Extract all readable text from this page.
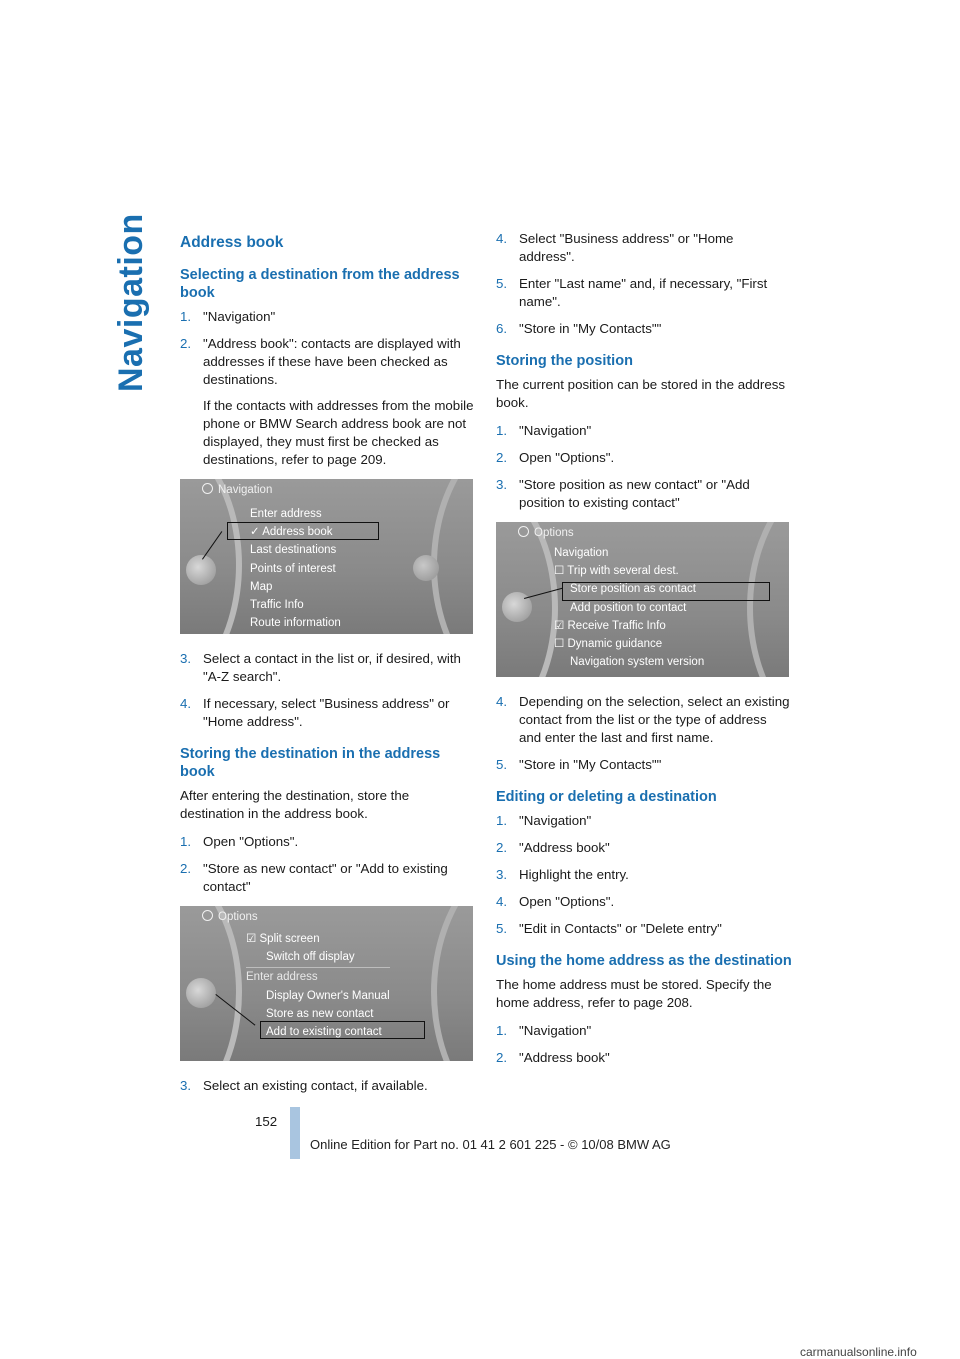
Navigation Address book
Selecting a destination from the address book
1. "Navigation"

2. "Address book": contacts are displayed with addresses if these have been checked as destinations.

If the contacts with addresses from the mobile phone or BMW Search address book are not displayed, they must first be checked as destinations, refer to page 209.

Navigation
Enter address
✓ Address book
Last destinations
Points of interest
Map
Traffic Info
Route information
3. Select a contact in the list or, if desired, with "A-Z search".

4. If necessary, select "Business address" or "Home address".

Storing the destination in the address book

After entering the destination, store the destination in the address book.

1. Open "Options".

2. "Store as new contact" or "Add to existing contact"

Options
☑ Split screen
Switch off display
Enter address
Display Owner's Manual
Store as new contact
Add to existing contact
3. Select an existing contact, if available.

4. Select "Business address" or "Home address".

5. Enter "Last name" and, if necessary, "First name".

6. "Store in "My Contacts""

Storing the position

The current position can be stored in the address book.

1. "Navigation"

2. Open "Options".

3. "Store position as new contact" or "Add position to existing contact"

Options
Navigation
☐ Trip with several dest.
Store position as contact
Add position to contact
☑ Receive Traffic Info
☐ Dynamic guidance
Navigation system version
4. Depending on the selection, select an existing contact from the list or the type of address and enter the last and first name.

5. "Store in "My Contacts""

Editing or deleting a destination
1. "Navigation"

2. "Address book"

3. Highlight the entry.

4. Open "Options".

5. "Edit in Contacts" or "Delete entry"

Using the home address as the destination

The home address must be stored. Specify the home address, refer to page 208.

1. "Navigation"

2. "Address book"

152
Online Edition for Part no. 01 41 2 601 225 - © 10/08 BMW AG
carmanualsonline.info
